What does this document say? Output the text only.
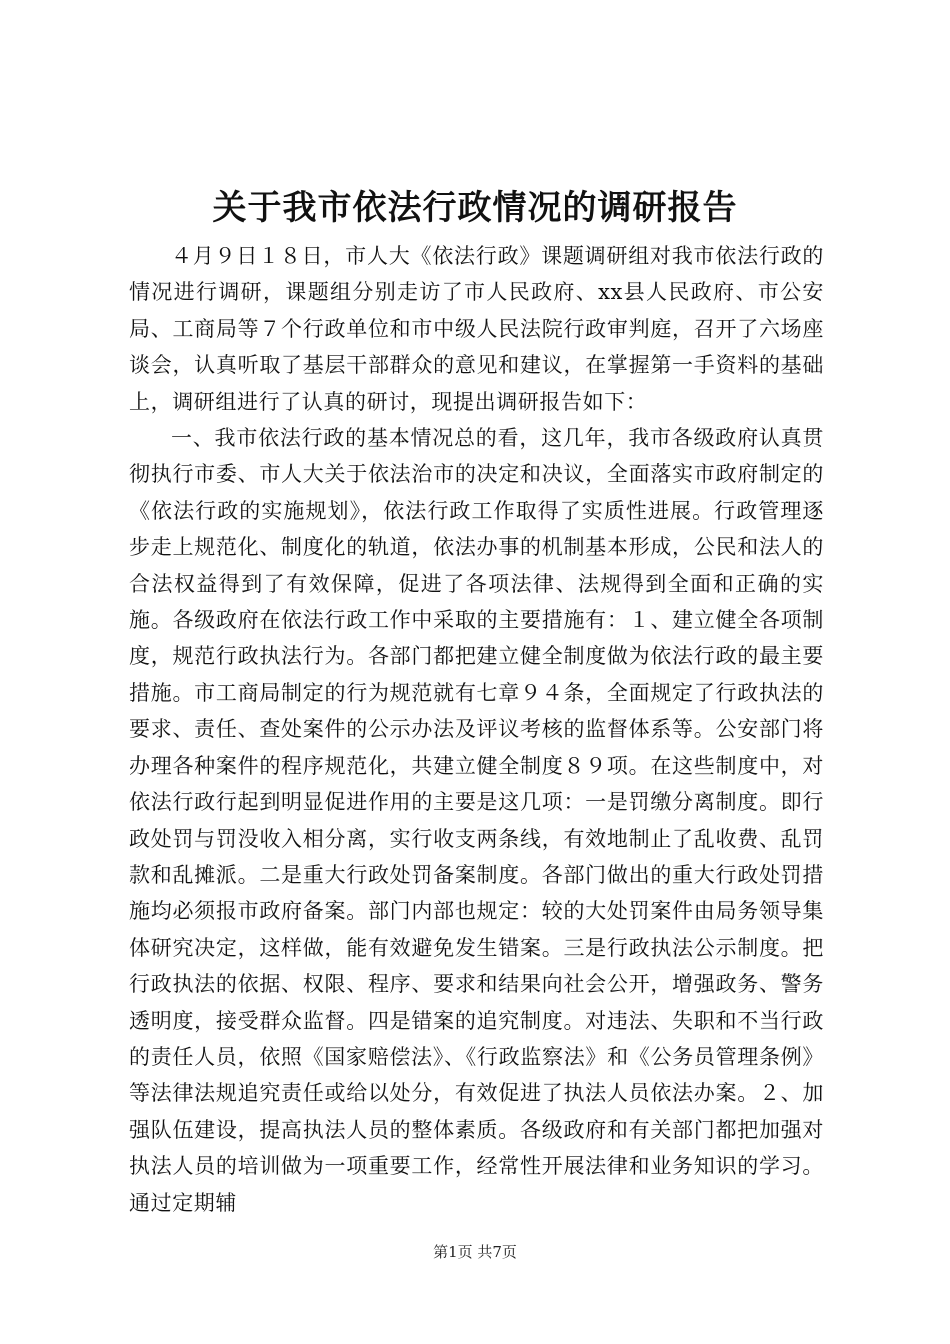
关于我市依法行政情况的调研报告

４月９日１８日，市人大《依法行政》课题调研组对我市依法行政的情况进行调研，课题组分别走访了市人民政府、xx县人民政府、市公安局、工商局等７个行政单位和市中级人民法院行政审判庭，召开了六场座谈会，认真听取了基层干部群众的意见和建议，在掌握第一手资料的基础上，调研组进行了认真的研讨，现提出调研报告如下：

一、我市依法行政的基本情况总的看，这几年，我市各级政府认真贯彻执行市委、市人大关于依法治市的决定和决议，全面落实市政府制定的《依法行政的实施规划》，依法行政工作取得了实质性进展。行政管理逐步走上规范化、制度化的轨道，依法办事的机制基本形成，公民和法人的合法权益得到了有效保障，促进了各项法律、法规得到全面和正确的实施。各级政府在依法行政工作中采取的主要措施有：１、建立健全各项制度，规范行政执法行为。各部门都把建立健全制度做为依法行政的最主要措施。市工商局制定的行为规范就有七章９４条，全面规定了行政执法的要求、责任、查处案件的公示办法及评议考核的监督体系等。公安部门将办理各种案件的程序规范化，共建立健全制度８９项。在这些制度中，对依法行政行起到明显促进作用的主要是这几项：一是罚缴分离制度。即行政处罚与罚没收入相分离，实行收支两条线，有效地制止了乱收费、乱罚款和乱摊派。二是重大行政处罚备案制度。各部门做出的重大行政处罚措施均必须报市政府备案。部门内部也规定：较的大处罚案件由局务领导集体研究决定，这样做，能有效避免发生错案。三是行政执法公示制度。把行政执法的依据、权限、程序、要求和结果向社会公开，增强政务、警务透明度，接受群众监督。四是错案的追究制度。对违法、失职和不当行政的责任人员，依照《国家赔偿法》、《行政监察法》和《公务员管理条例》等法律法规追究责任或给以处分，有效促进了执法人员依法办案。２、加强队伍建设，提高执法人员的整体素质。各级政府和有关部门都把加强对执法人员的培训做为一项重要工作，经常性开展法律和业务知识的学习。通过定期辅

第1页 共7页
